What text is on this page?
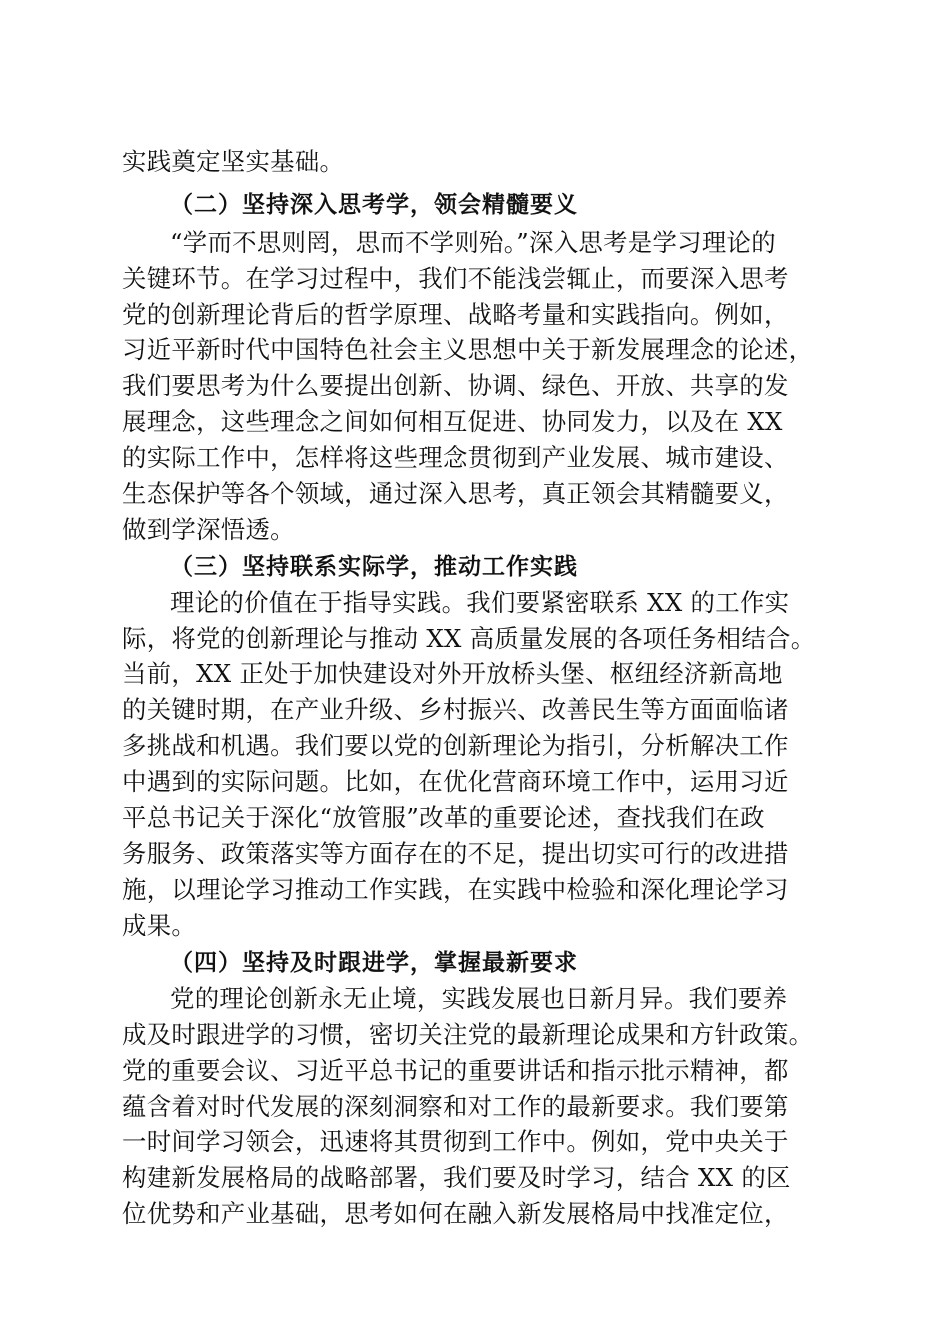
实践奠定坚实基础。
（二）坚持深入思考学，领会精髓要义
“学而不思则罔，思而不学则殆。”深入思考是学习理论的
关键环节。在学习过程中，我们不能浅尝辄止，而要深入思考
党的创新理论背后的哲学原理、战略考量和实践指向。例如，
习近平新时代中国特色社会主义思想中关于新发展理念的论述，
我们要思考为什么要提出创新、协调、绿色、开放、共享的发
展理念，这些理念之间如何相互促进、协同发力，以及在 XX
的实际工作中，怎样将这些理念贯彻到产业发展、城市建设、
生态保护等各个领域，通过深入思考，真正领会其精髓要义，
做到学深悟透。
（三）坚持联系实际学，推动工作实践
理论的价值在于指导实践。我们要紧密联系 XX 的工作实
际，将党的创新理论与推动 XX 高质量发展的各项任务相结合。
当前，XX 正处于加快建设对外开放桥头堡、枢纽经济新高地
的关键时期，在产业升级、乡村振兴、改善民生等方面面临诸
多挑战和机遇。我们要以党的创新理论为指引，分析解决工作
中遇到的实际问题。比如，在优化营商环境工作中，运用习近
平总书记关于深化“放管服”改革的重要论述，查找我们在政
务服务、政策落实等方面存在的不足，提出切实可行的改进措
施，以理论学习推动工作实践，在实践中检验和深化理论学习
成果。
（四）坚持及时跟进学，掌握最新要求
党的理论创新永无止境，实践发展也日新月异。我们要养
成及时跟进学的习惯，密切关注党的最新理论成果和方针政策。
党的重要会议、习近平总书记的重要讲话和指示批示精神，都
蕴含着对时代发展的深刻洞察和对工作的最新要求。我们要第
一时间学习领会，迅速将其贯彻到工作中。例如，党中央关于
构建新发展格局的战略部署，我们要及时学习，结合 XX 的区
位优势和产业基础，思考如何在融入新发展格局中找准定位，
